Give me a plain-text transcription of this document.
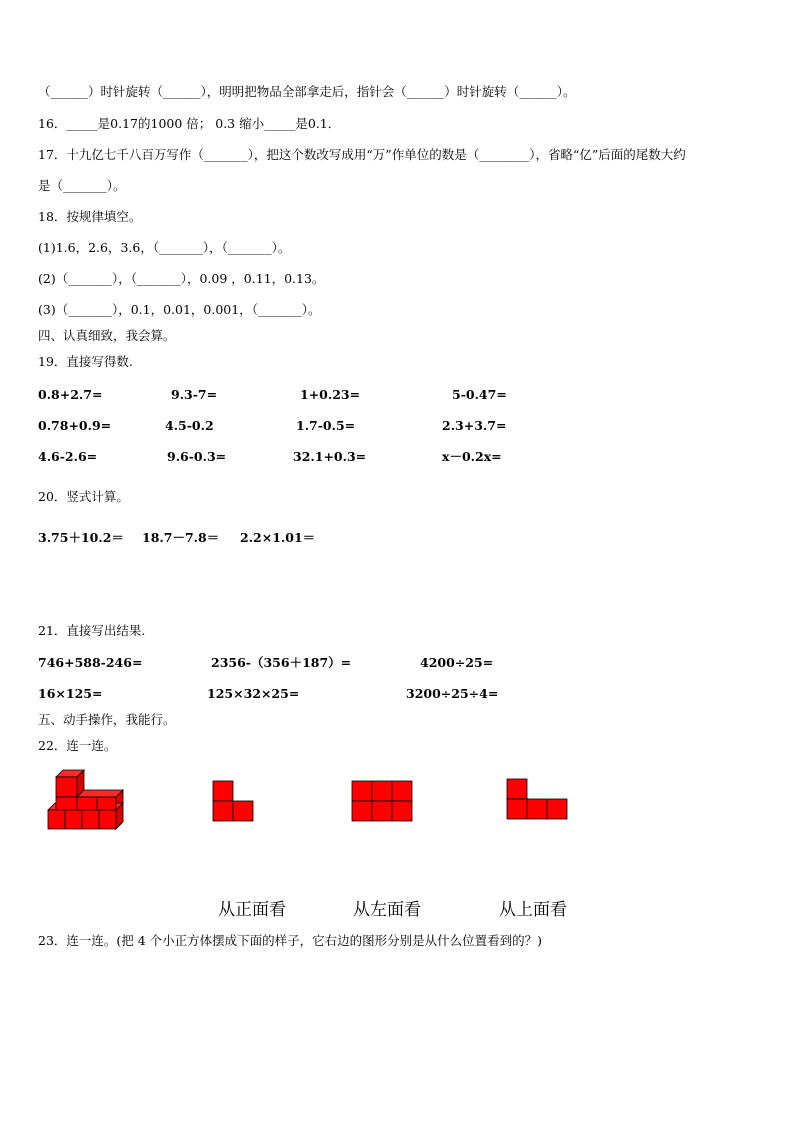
（______）时针旋转（______），明明把物品全部拿走后，指针会（______）时针旋转（______）。
16．_____是0.17的1000 倍； 0.3 缩小_____是0.1．
17．十九亿七千八百万写作（_______），把这个数改写成用“万”作单位的数是（________），省略“亿”后面的尾数大约
是（_______）。
18．按规律填空。
(1)1.6，2.6，3.6，（_______），（_______）。
(2)（_______），（_______），0.09 ，0.11，0.13。
(3)（_______），0.1，0.01，0.001，（_______）。
四、认真细致，我会算。
19．直接写得数.
0.8+2.7=	9.3-7=	1+0.23=	5-0.47=
0.78+0.9=	4.5-0.2	1.7-0.5=	2.3+3.7=
4.6-2.6=	9.6-0.3=	32.1+0.3=	x－0.2x=
20．竖式计算。
3.75＋10.2＝ 18.7－7.8＝ 2.2×1.01＝
21．直接写出结果.
746+588-246=	2356-（356＋187）=	4200÷25=
16×125=	125×32×25=	3200÷25÷4=
五、动手操作，我能行。
22．连一连。
从正面看	从左面看	从上面看
23．连一连。(把 4 个小正方体摆成下面的样子，它右边的图形分别是从什么位置看到的？)
